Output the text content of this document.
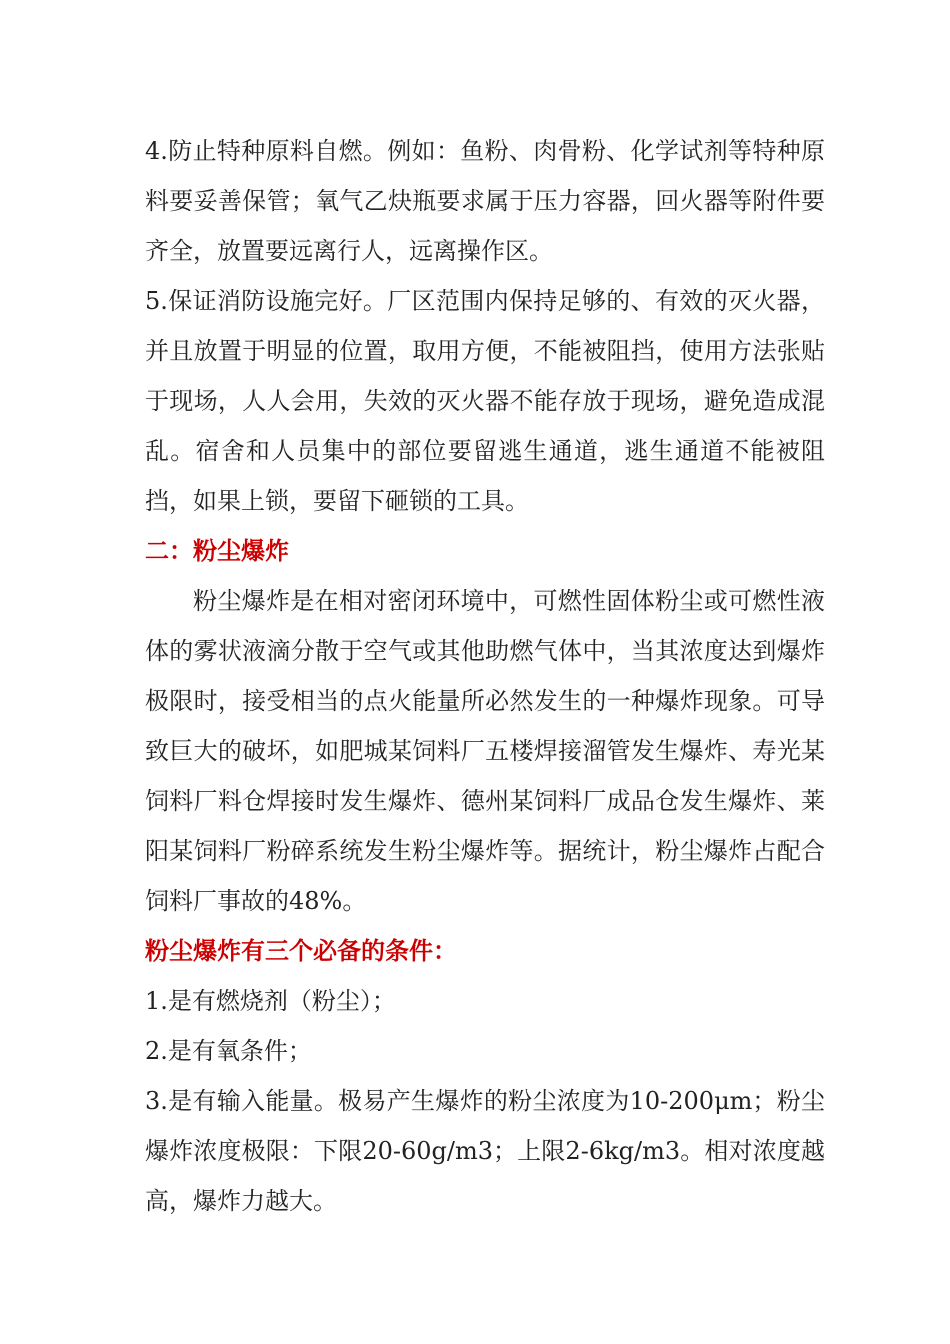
4.防止特种原料自燃。例如：鱼粉、肉骨粉、化学试剂等特种原料要妥善保管；氧气乙炔瓶要求属于压力容器，回火器等附件要齐全，放置要远离行人，远离操作区。

5.保证消防设施完好。厂区范围内保持足够的、有效的灭火器，并且放置于明显的位置，取用方便，不能被阻挡，使用方法张贴于现场，人人会用，失效的灭火器不能存放于现场，避免造成混乱。宿舍和人员集中的部位要留逃生通道，逃生通道不能被阻挡，如果上锁，要留下砸锁的工具。

二：粉尘爆炸

粉尘爆炸是在相对密闭环境中，可燃性固体粉尘或可燃性液体的雾状液滴分散于空气或其他助燃气体中，当其浓度达到爆炸极限时，接受相当的点火能量所必然发生的一种爆炸现象。可导致巨大的破坏，如肥城某饲料厂五楼焊接溜管发生爆炸、寿光某饲料厂料仓焊接时发生爆炸、德州某饲料厂成品仓发生爆炸、莱阳某饲料厂粉碎系统发生粉尘爆炸等。据统计，粉尘爆炸占配合饲料厂事故的48%。

粉尘爆炸有三个必备的条件：

1.是有燃烧剂（粉尘）；

2.是有氧条件；

3.是有输入能量。极易产生爆炸的粉尘浓度为10-200μm；粉尘爆炸浓度极限：下限20-60g/m3；上限2-6kg/m3。相对浓度越高，爆炸力越大。
